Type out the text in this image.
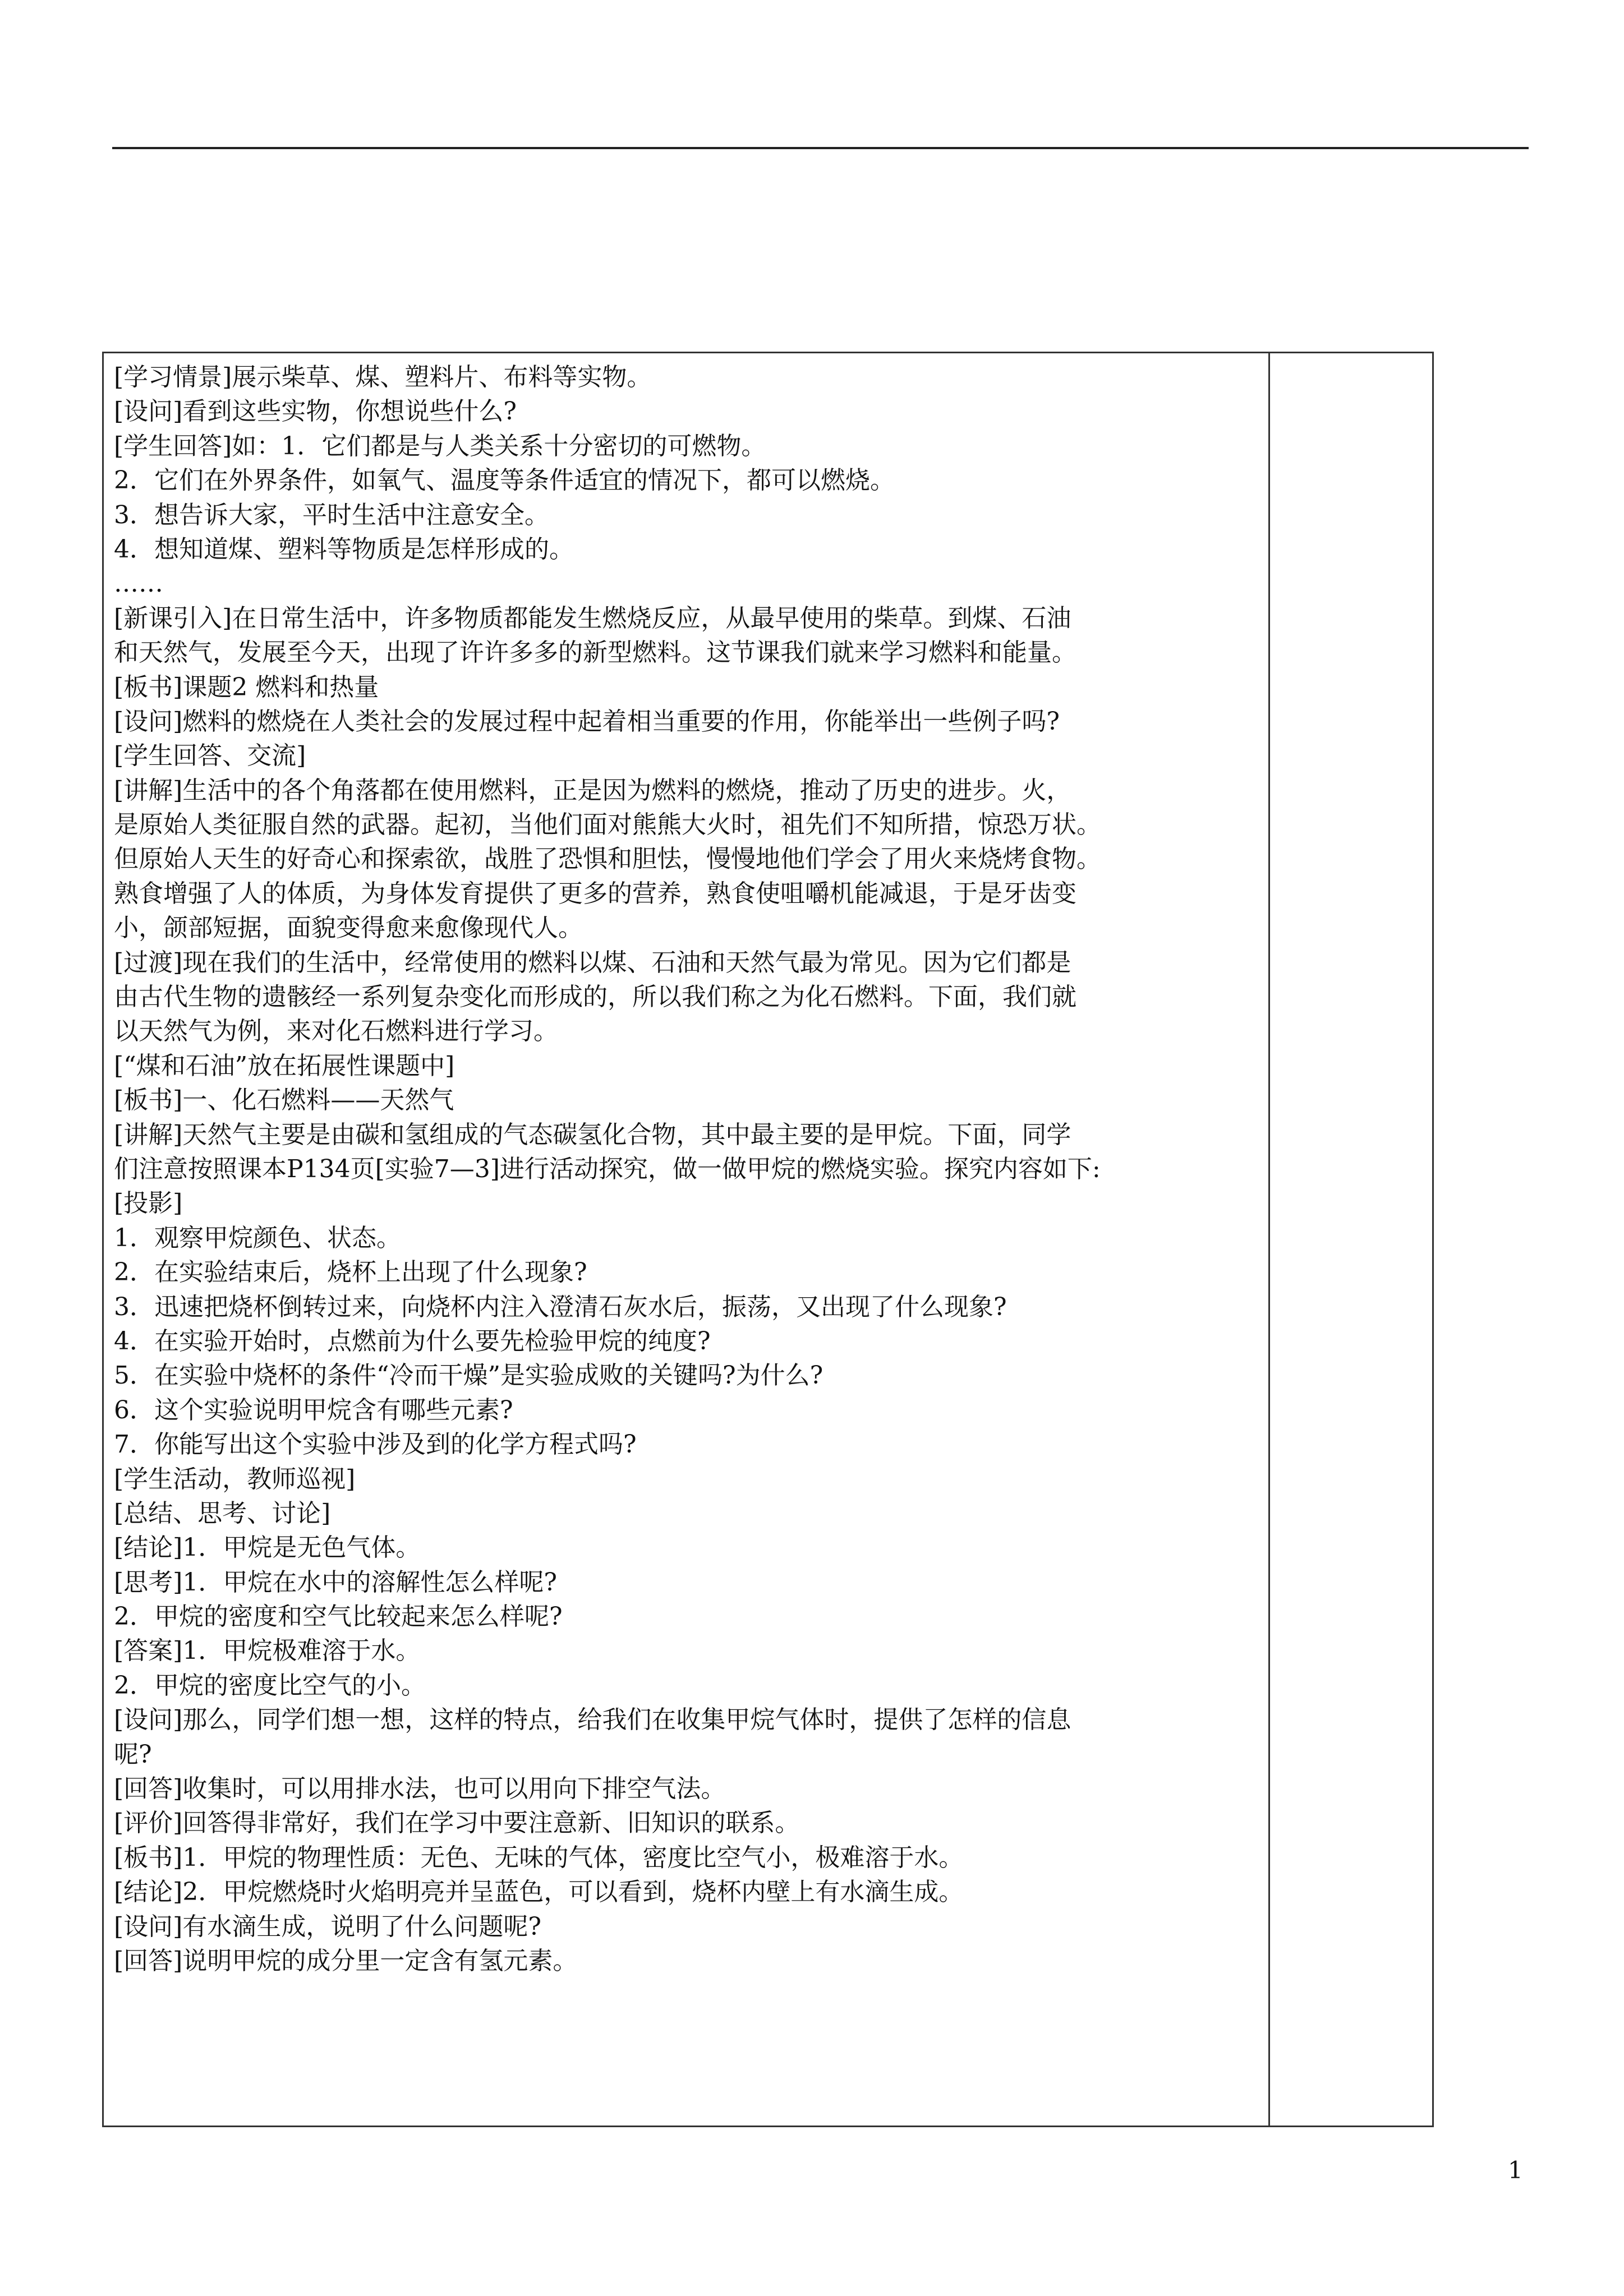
[学习情景]展示柴草、煤、塑料片、布料等实物。
[设问]看到这些实物，你想说些什么?
[学生回答]如：1．它们都是与人类关系十分密切的可燃物。
2．它们在外界条件，如氧气、温度等条件适宜的情况下，都可以燃烧。
3．想告诉大家，平时生活中注意安全。
4．想知道煤、塑料等物质是怎样形成的。
……
[新课引入]在日常生活中，许多物质都能发生燃烧反应，从最早使用的柴草。到煤、石油
和天然气，发展至今天，出现了许许多多的新型燃料。这节课我们就来学习燃料和能量。
[板书]课题2 燃料和热量
[设问]燃料的燃烧在人类社会的发展过程中起着相当重要的作用，你能举出一些例子吗?
[学生回答、交流]
[讲解]生活中的各个角落都在使用燃料，正是因为燃料的燃烧，推动了历史的进步。火，
是原始人类征服自然的武器。起初，当他们面对熊熊大火时，祖先们不知所措，惊恐万状。
但原始人天生的好奇心和探索欲，战胜了恐惧和胆怯，慢慢地他们学会了用火来烧烤食物。
熟食增强了人的体质，为身体发育提供了更多的营养，熟食使咀嚼机能减退，于是牙齿变
小，颌部短据，面貌变得愈来愈像现代人。
[过渡]现在我们的生活中，经常使用的燃料以煤、石油和天然气最为常见。因为它们都是
由古代生物的遗骸经一系列复杂变化而形成的，所以我们称之为化石燃料。下面，我们就
以天然气为例，来对化石燃料进行学习。
[“煤和石油”放在拓展性课题中]
[板书]一、化石燃料——天然气
[讲解]天然气主要是由碳和氢组成的气态碳氢化合物，其中最主要的是甲烷。下面，同学
们注意按照课本P134页[实验7—3]进行活动探究，做一做甲烷的燃烧实验。探究内容如下:
[投影]
1．观察甲烷颜色、状态。
2．在实验结束后，烧杯上出现了什么现象?
3．迅速把烧杯倒转过来，向烧杯内注入澄清石灰水后，振荡，又出现了什么现象?
4．在实验开始时，点燃前为什么要先检验甲烷的纯度?
5．在实验中烧杯的条件“冷而干燥”是实验成败的关键吗?为什么?
6．这个实验说明甲烷含有哪些元素?
7．你能写出这个实验中涉及到的化学方程式吗?
[学生活动，教师巡视]
[总结、思考、讨论]
[结论]1．甲烷是无色气体。
[思考]1．甲烷在水中的溶解性怎么样呢?
2．甲烷的密度和空气比较起来怎么样呢?
[答案]1．甲烷极难溶于水。
2．甲烷的密度比空气的小。
[设问]那么，同学们想一想，这样的特点，给我们在收集甲烷气体时，提供了怎样的信息
呢?
[回答]收集时，可以用排水法，也可以用向下排空气法。
[评价]回答得非常好，我们在学习中要注意新、旧知识的联系。
[板书]1．甲烷的物理性质：无色、无味的气体，密度比空气小，极难溶于水。
[结论]2．甲烷燃烧时火焰明亮并呈蓝色，可以看到，烧杯内壁上有水滴生成。
[设问]有水滴生成，说明了什么问题呢?
[回答]说明甲烷的成分里一定含有氢元素。
1
